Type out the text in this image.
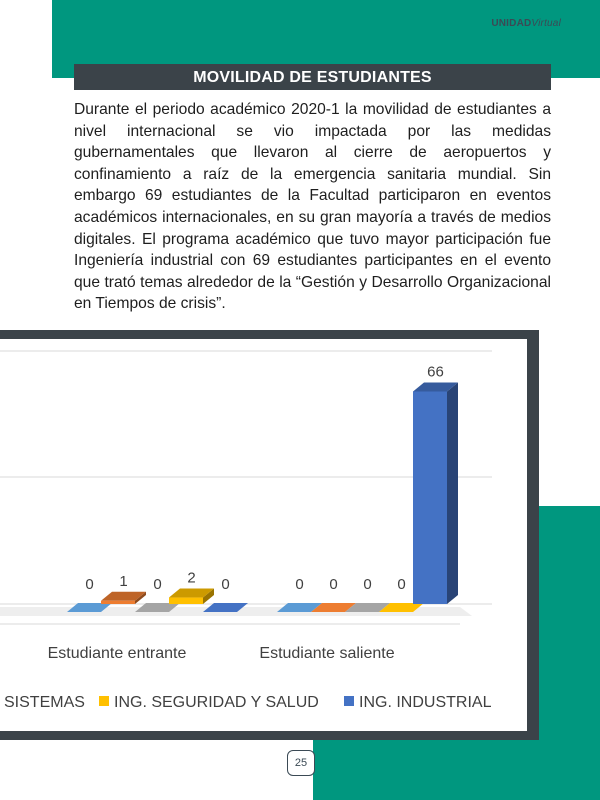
UNIDADVirtual
MOVILIDAD DE ESTUDIANTES

Durante el periodo académico 2020-1 la movilidad de estudiantes a nivel internacional se vio impactada por las medidas gubernamentales que llevaron al cierre de aeropuertos y confinamiento a raíz de la emergencia sanitaria mundial. Sin embargo 69 estudiantes de la Facultad participaron en eventos académicos internacionales, en su gran mayoría a través de medios digitales. El programa académico que tuvo mayor participación fue Ingeniería industrial con 69 estudiantes participantes en el evento que trató temas alrededor de la “Gestión y Desarrollo Organizacional en Tiempos de crisis”.

0 1 0 2 0	0 0 0 0
66
Estudiante entrante	Estudiante saliente
SISTEMAS ING. SEGURIDAD Y SALUD	ING. INDUSTRIAL
25
